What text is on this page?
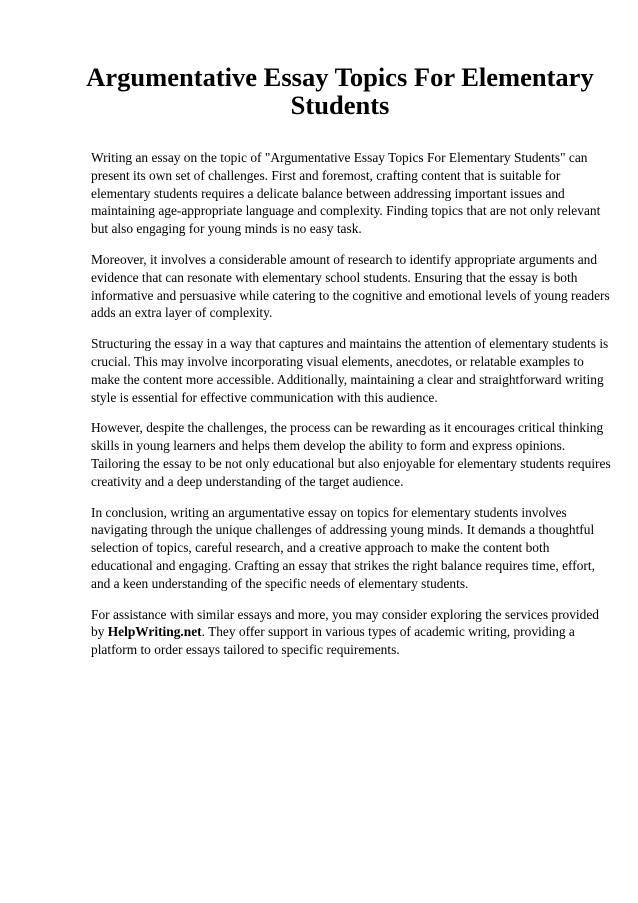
Argumentative Essay Topics For Elementary Students

Writing an essay on the topic of "Argumentative Essay Topics For Elementary Students" can present its own set of challenges. First and foremost, crafting content that is suitable for elementary students requires a delicate balance between addressing important issues and maintaining age-appropriate language and complexity. Finding topics that are not only relevant but also engaging for young minds is no easy task.

Moreover, it involves a considerable amount of research to identify appropriate arguments and evidence that can resonate with elementary school students. Ensuring that the essay is both informative and persuasive while catering to the cognitive and emotional levels of young readers adds an extra layer of complexity.

Structuring the essay in a way that captures and maintains the attention of elementary students is crucial. This may involve incorporating visual elements, anecdotes, or relatable examples to make the content more accessible. Additionally, maintaining a clear and straightforward writing style is essential for effective communication with this audience.

However, despite the challenges, the process can be rewarding as it encourages critical thinking skills in young learners and helps them develop the ability to form and express opinions. Tailoring the essay to be not only educational but also enjoyable for elementary students requires creativity and a deep understanding of the target audience.

In conclusion, writing an argumentative essay on topics for elementary students involves navigating through the unique challenges of addressing young minds. It demands a thoughtful selection of topics, careful research, and a creative approach to make the content both educational and engaging. Crafting an essay that strikes the right balance requires time, effort, and a keen understanding of the specific needs of elementary students.

For assistance with similar essays and more, you may consider exploring the services provided by HelpWriting.net. They offer support in various types of academic writing, providing a platform to order essays tailored to specific requirements.
